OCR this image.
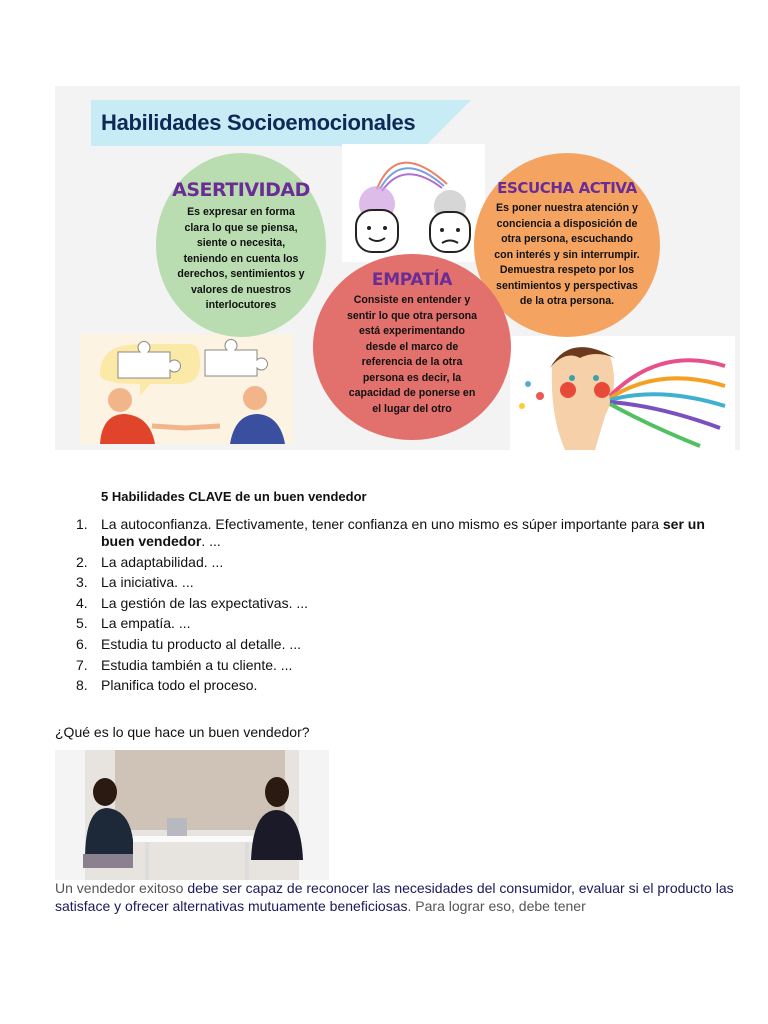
Habilidades Socioemocionales
ASERTIVIDAD
Es expresar en forma
clara lo que se piensa,
siente o necesita,
teniendo en cuenta los
derechos, sentimientos y
valores de nuestros
interlocutores
ESCUCHA ACTIVA
Es poner nuestra atención y
conciencia a disposición de
otra persona, escuchando
con interés y sin interrumpir.
Demuestra respeto por los
sentimientos y perspectivas
de la otra persona.
EMPATÍA
Consiste en entender y
sentir lo que otra persona
está experimentando
desde el marco de
referencia de la otra
persona es decir, la
capacidad de ponerse en
el lugar del otro
5 Habilidades CLAVE de un buen vendedor
1. La autoconfianza. Efectivamente, tener confianza en uno mismo es súper importante para ser un buen vendedor. ...
2. La adaptabilidad. ...
3. La iniciativa. ...
4. La gestión de las expectativas. ...
5. La empatía. ...
6. Estudia tu producto al detalle. ...
7. Estudia también a tu cliente. ...
8. Planifica todo el proceso.
¿Qué es lo que hace un buen vendedor?
Un vendedor exitoso debe ser capaz de reconocer las necesidades del consumidor, evaluar si el producto las satisface y ofrecer alternativas mutuamente beneficiosas. Para lograr eso, debe tener
